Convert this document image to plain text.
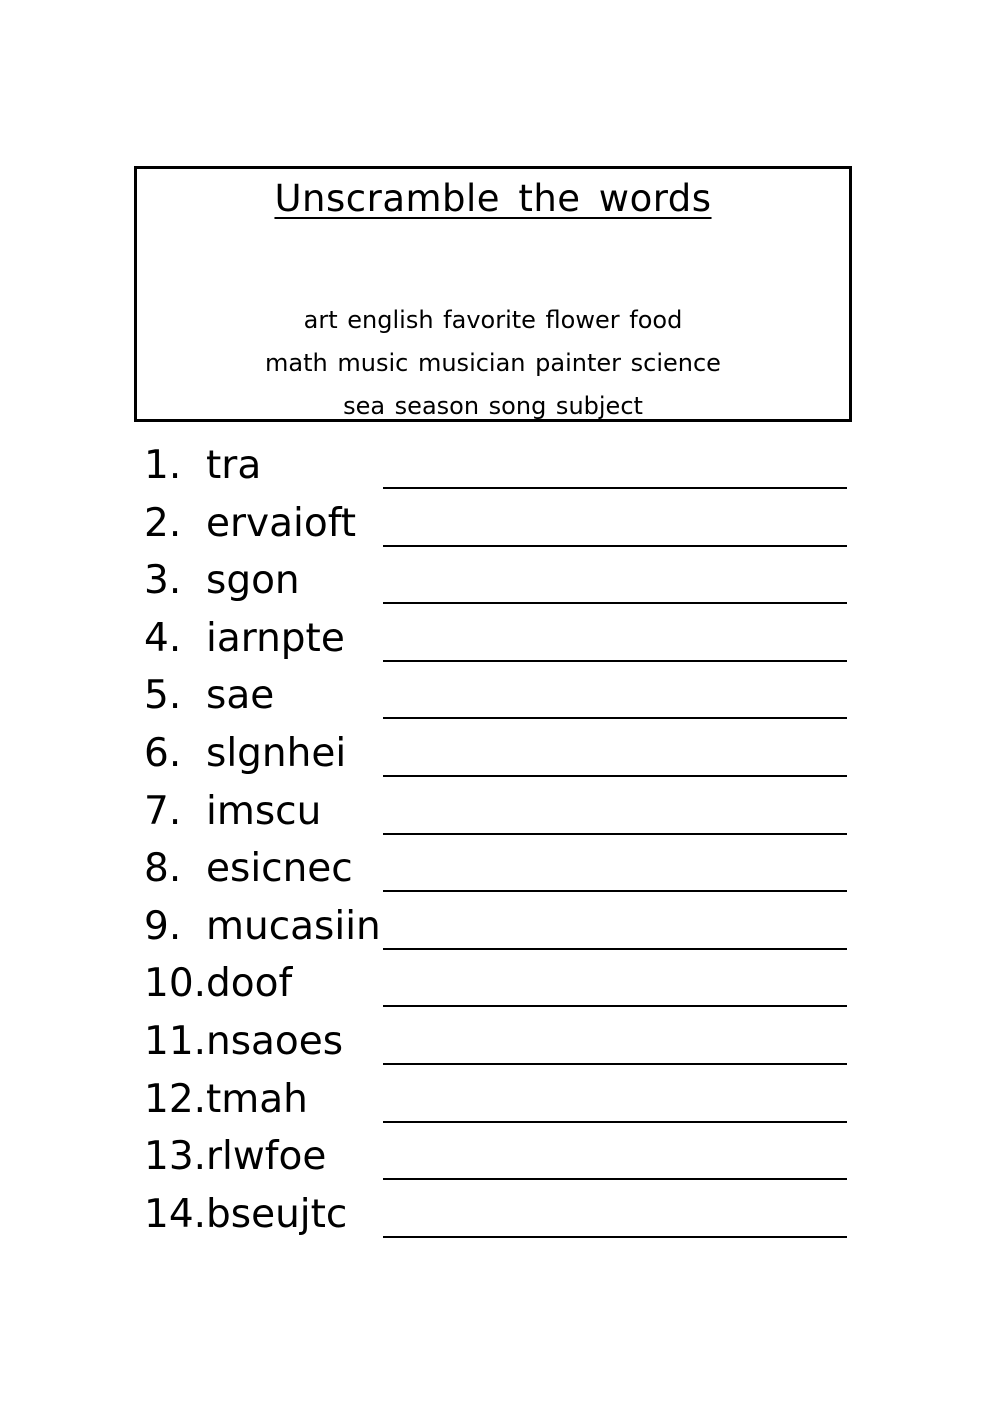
Unscramble the words
art english favorite flower food
math music musician painter science
sea season song subject
1. tra
2. ervaioft
3. sgon
4. iarnpte
5. sae
6. slgnhei
7. imscu
8. esicnec
9. mucasiin
10. doof
11. nsaoes
12. tmah
13. rlwfoe
14. bseujtc
